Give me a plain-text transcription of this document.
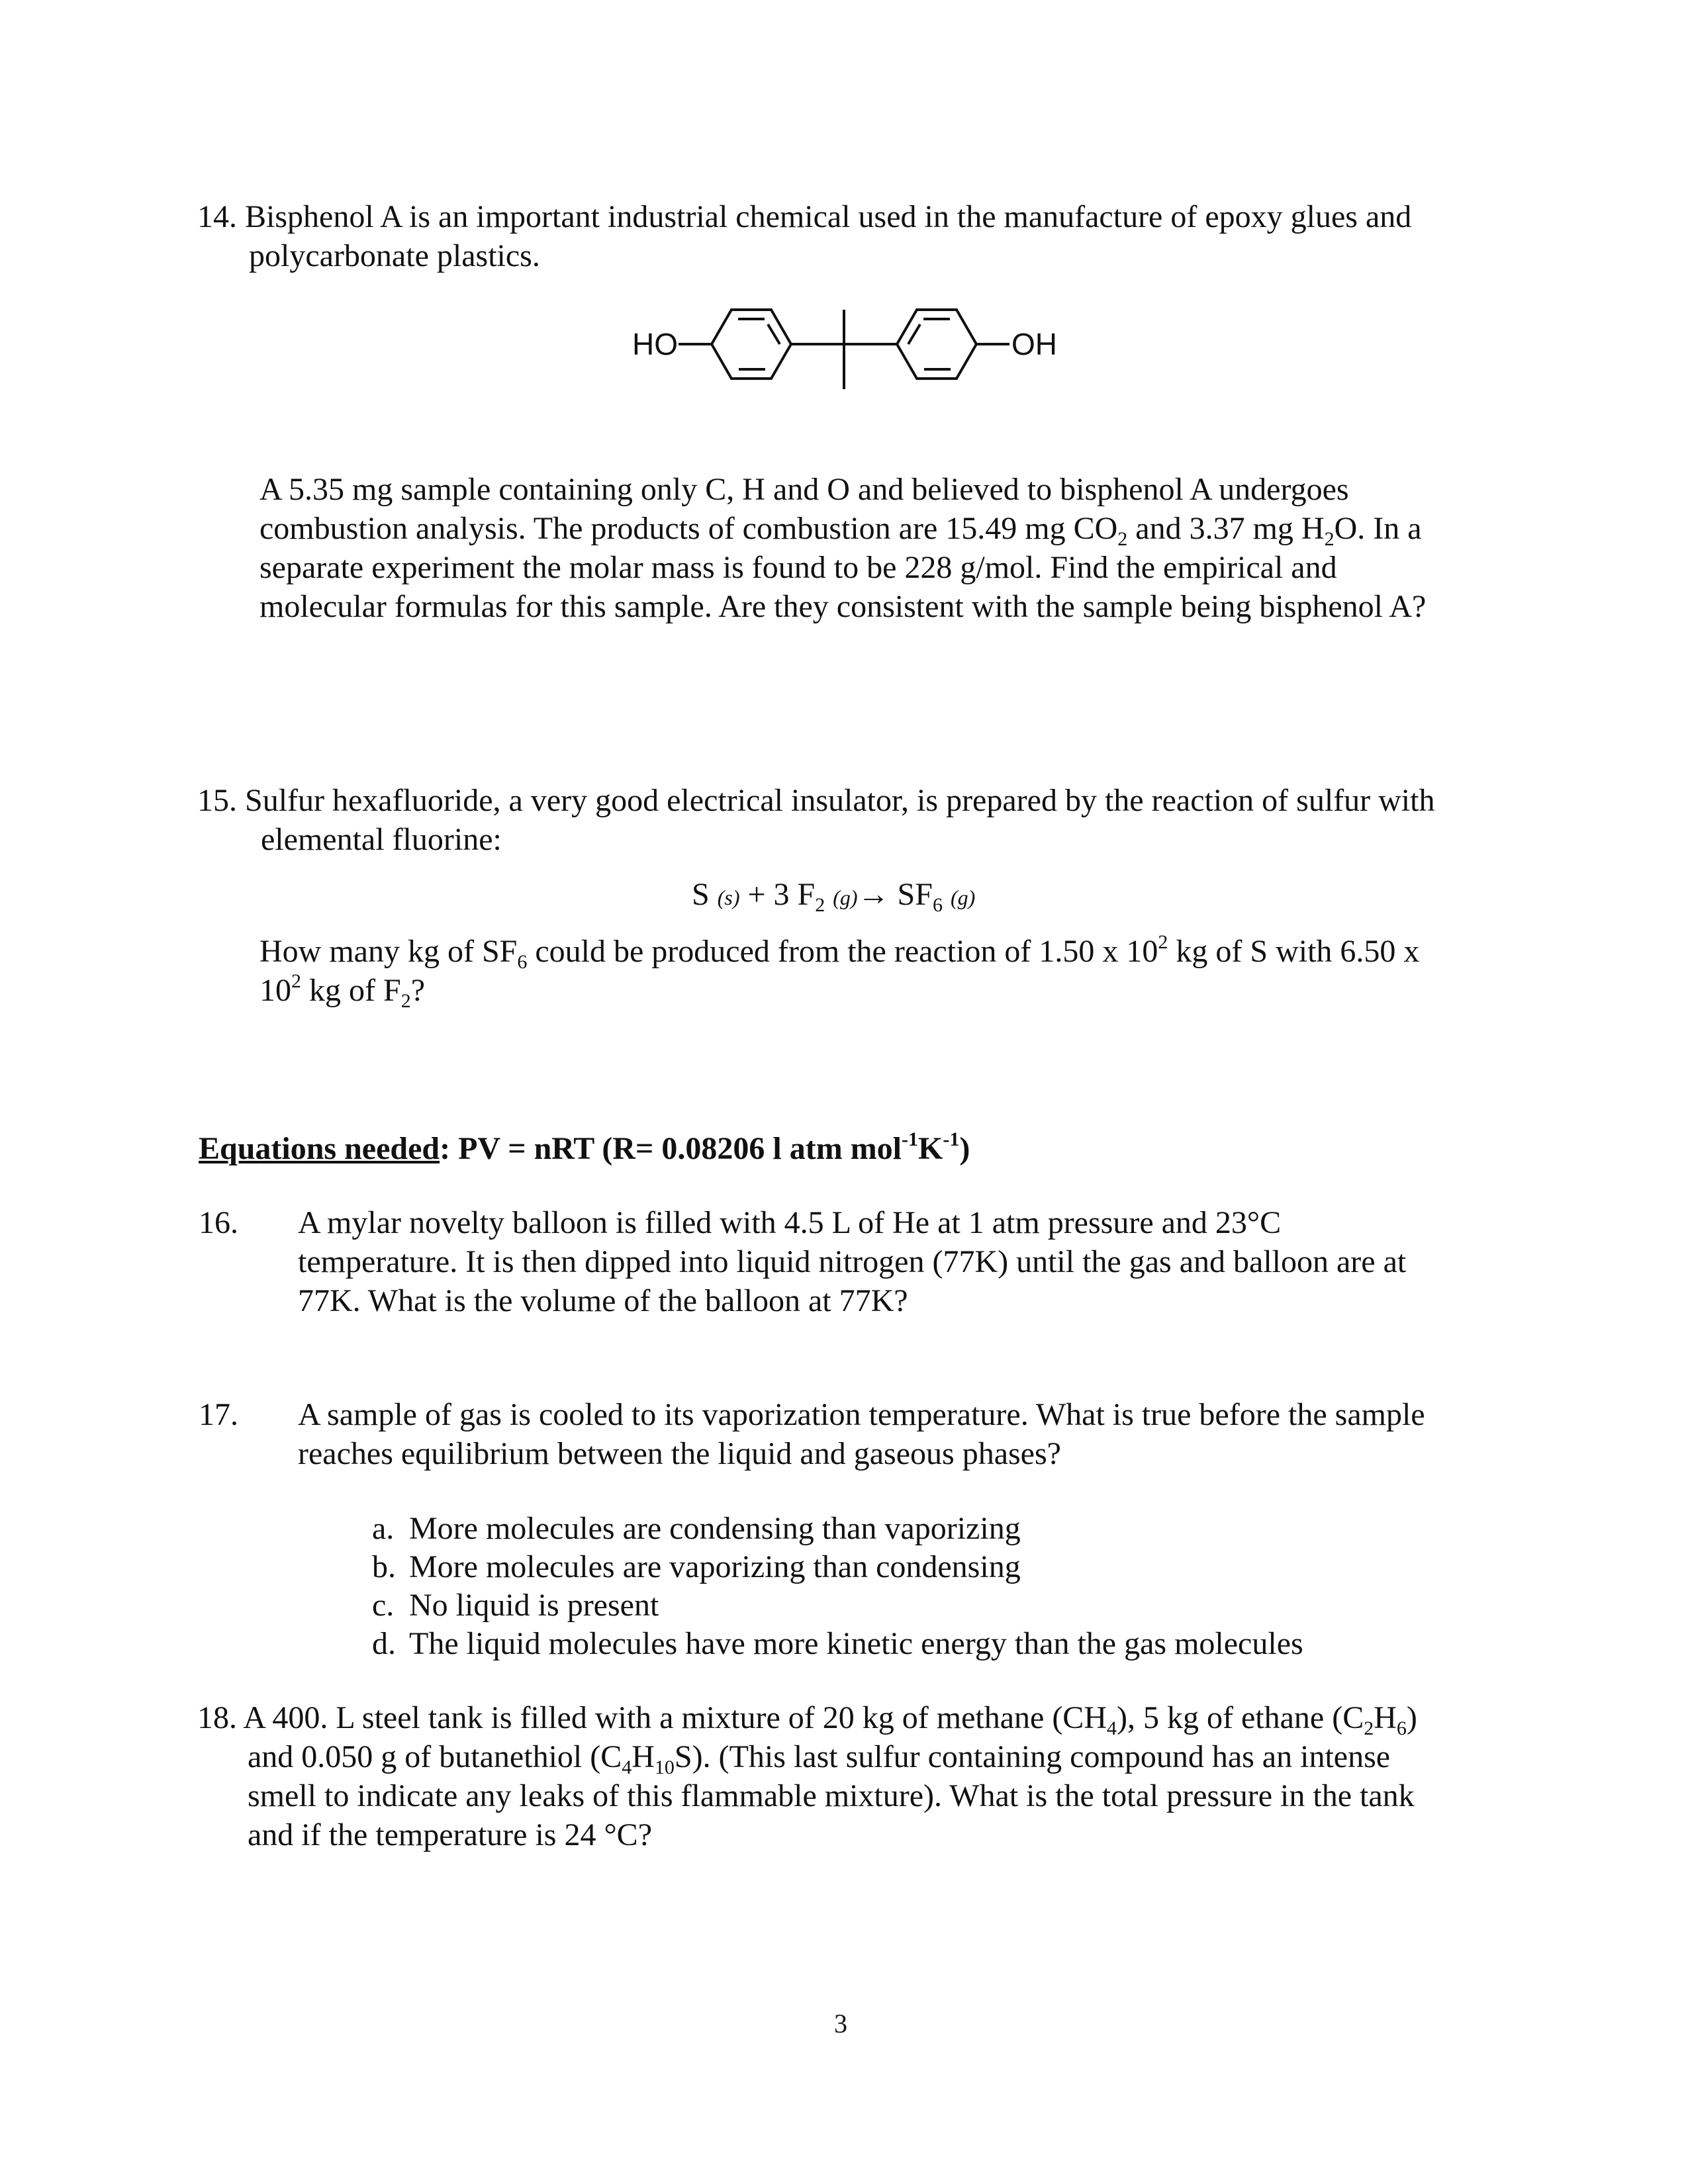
14. Bisphenol A is an important industrial chemical used in the manufacture of epoxy glues and
polycarbonate plastics.
HO	OH
A 5.35 mg sample containing only C, H and O and believed to bisphenol A undergoes
combustion analysis. The products of combustion are 15.49 mg $CO_2$ and 3.37 mg $H_2O$. In a
separate experiment the molar mass is found to be 228 g/mol. Find the empirical and
molecular formulas for this sample. Are they consistent with the sample being bisphenol A?
15. Sulfur hexafluoride, a very good electrical insulator, is prepared by the reaction of sulfur with
elemental fluorine:
S (s) + 3 $F_2$ $(g)\to SF_6$ (g)
How many kg of $SF_6$ could be produced from the reaction of 1.50 x $10^2$ kg of S with 6.50 x
$10^2$ kg of $F_2$?
Equations needed: PV = nRT (R= 0.08206 l atm $mol^{-1}K^{-1}$)
16.	A mylar novelty balloon is filled with 4.5 L of He at 1 atm pressure and 23°C
temperature. It is then dipped into liquid nitrogen (77K) until the gas and balloon are at
77K. What is the volume of the balloon at 77K?
17.	A sample of gas is cooled to its vaporization temperature. What is true before the sample
reaches equilibrium between the liquid and gaseous phases?
a. More molecules are condensing than vaporizing
b. More molecules are vaporizing than condensing
c. No liquid is present
d. The liquid molecules have more kinetic energy than the gas molecules
18. A 400. L steel tank is filled with a mixture of 20 kg of methane $(CH_4)$, 5 kg of ethane $(C_2H_6)$
and 0.050 g of butanethiol $(C_4H_{10}S)$. (This last sulfur containing compound has an intense
smell to indicate any leaks of this flammable mixture). What is the total pressure in the tank
and if the temperature is 24 °C?
3
